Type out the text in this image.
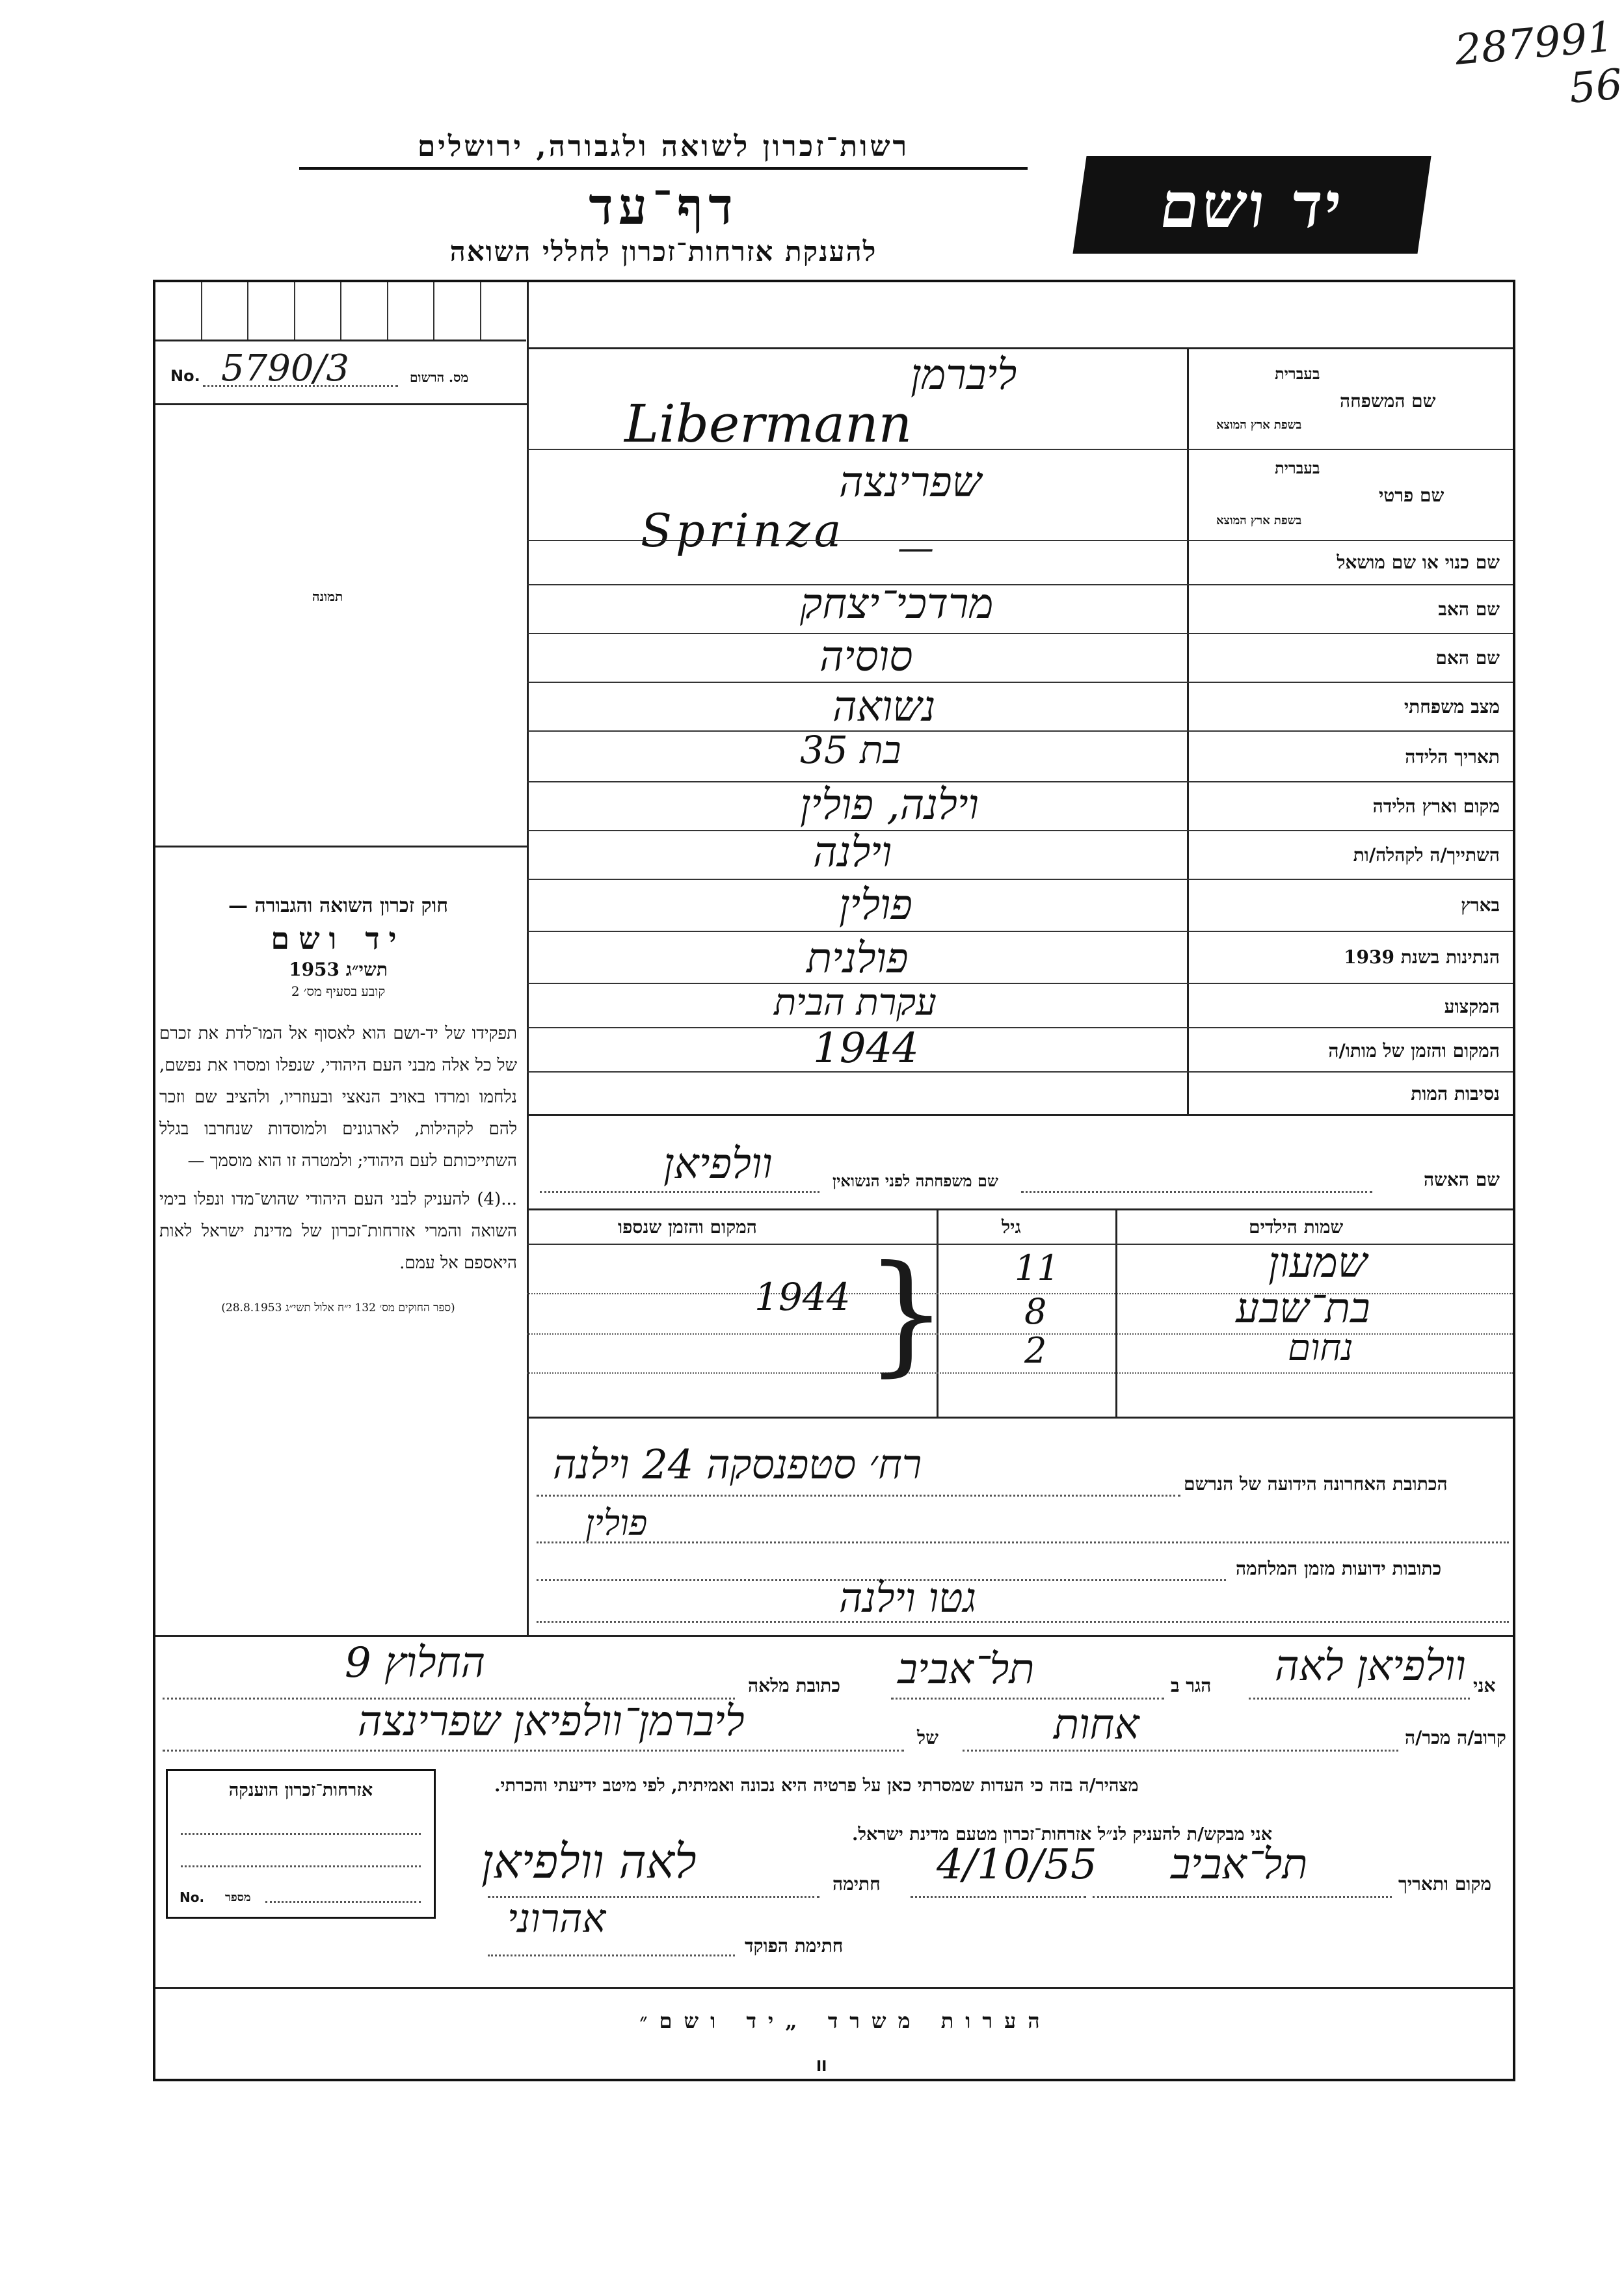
287991
56
רשות־זכרון לשואה ולגבורה, ירושלים
דף־עד
להענקת אזרחות־זכרון לחללי השואה
יד ושם
No. 5790/3	מס. הרשום
תמונה
חוק זכרון השואה והגבורה —
יד ושם
תשי״ג 1953
קובע בסעיף מס׳ 2
תפקידו של יד-ושם הוא לאסוף אל המו־לדת את זכרם של כל אלה מבני העם היהודי, שנפלו ומסרו את נפשם, נלחמו ומרדו באויב הנאצי ובעוזריו, ולהציב שם וזכר להם לקהילות, לארגונים ולמוסדות שנחרבו בגלל השתייכותם לעם היהודי; ולמטרה זו הוא מוסמך —
...(4) להעניק לבני העם היהודי שהוש־מדו ונפלו בימי השואה והמרי אזרחות־זכרון של מדינת ישראל לאות היאספם אל עמם.
(ספר החוקים מס׳ 132 י״ח אלול תשי״ג 28.8.1953)
שם המשפחה
בעברית
בשפת ארץ המוצא
ליברמן
Libermann
שם פרטי
בעברית
בשפת ארץ המוצא
שפרינצה
Sprinza
שם כנוי או שם מושאל
—
שם האב
מרדכי־יצחק
שם האם
סוסיה
מצב משפחתי
נשואה
תאריך הלידה
בת 35
מקום וארץ הלידה
וילנה, פולין
השתייך/ה לקהלה/ות
וילנה
בארץ
פולין
הנתינות בשנת 1939
פולנית
המקצוע
עקרת הבית
המקום והזמן של מותו/ה
1944
נסיבות המות
שם האשה
שם משפחתה לפני הנשואין
וולפיאן
שמות הילדים
גיל
המקום והזמן שנספו
שמעון
11
בת־שבע
8
נחום
2
1944 }
הכתובת האחרונה הידועה של הנרשם
רח׳ סטפנסקה 24 וילנה
פולין
כתובות ידועות מזמן המלחמה
גטו וילנה
אני
וולפיאן לאה
הגר ב
תל־אביב
כתובת מלאה
החלוץ 9
קרוב/ה מכר/ה
אחות
של
ליברמן־וולפיאן שפרינצה
מצהיר/ה בזה כי העדות שמסרתי כאן על פרטיה היא נכונה ואמיתית, לפי מיטב ידיעתי והכרתי.
אני מבקש/ת להעניק לנ״ל אזרחות־זכרון מטעם מדינת ישראל.
מקום ותאריך
תל־אביב
4/10/55
חתימה
לאה וולפיאן
חתימת הפוקד
אהרוני
אזרחות־זכרון הוענקה
No. מספר
הערות משרד „יד ושם״
II
